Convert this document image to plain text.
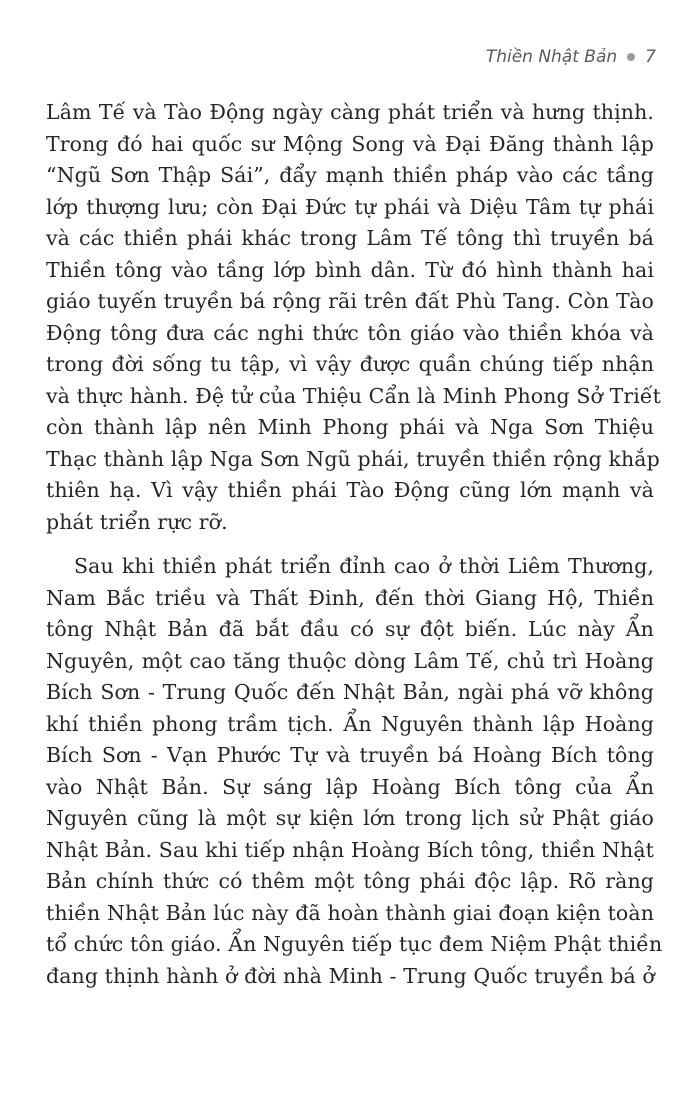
Thiền Nhật Bản 7
Lâm Tế và Tào Động ngày càng phát triển và hưng thịnh.
Trong đó hai quốc sư Mộng Song và Đại Đăng thành lập
“Ngũ Sơn Thập Sái”, đẩy mạnh thiền pháp vào các tầng
lớp thượng lưu; còn Đại Đức tự phái và Diệu Tâm tự phái
và các thiền phái khác trong Lâm Tế tông thì truyền bá
Thiền tông vào tầng lớp bình dân. Từ đó hình thành hai
giáo tuyến truyền bá rộng rãi trên đất Phù Tang. Còn Tào
Động tông đưa các nghi thức tôn giáo vào thiền khóa và
trong đời sống tu tập, vì vậy được quần chúng tiếp nhận
và thực hành. Đệ tử của Thiệu Cẩn là Minh Phong Sở Triết
còn thành lập nên Minh Phong phái và Nga Sơn Thiệu
Thạc thành lập Nga Sơn Ngũ phái, truyền thiền rộng khắp
thiên hạ. Vì vậy thiền phái Tào Động cũng lớn mạnh và
phát triển rực rỡ.
Sau khi thiền phát triển đỉnh cao ở thời Liêm Thương,
Nam Bắc triều và Thất Đinh, đến thời Giang Hộ, Thiền
tông Nhật Bản đã bắt đầu có sự đột biến. Lúc này Ẩn
Nguyên, một cao tăng thuộc dòng Lâm Tế, chủ trì Hoàng
Bích Sơn - Trung Quốc đến Nhật Bản, ngài phá vỡ không
khí thiền phong trầm tịch. Ẩn Nguyên thành lập Hoàng
Bích Sơn - Vạn Phước Tự và truyền bá Hoàng Bích tông
vào Nhật Bản. Sự sáng lập Hoàng Bích tông của Ẩn
Nguyên cũng là một sự kiện lớn trong lịch sử Phật giáo
Nhật Bản. Sau khi tiếp nhận Hoàng Bích tông, thiền Nhật
Bản chính thức có thêm một tông phái độc lập. Rõ ràng
thiền Nhật Bản lúc này đã hoàn thành giai đoạn kiện toàn
tổ chức tôn giáo. Ẩn Nguyên tiếp tục đem Niệm Phật thiền
đang thịnh hành ở đời nhà Minh - Trung Quốc truyền bá ở
